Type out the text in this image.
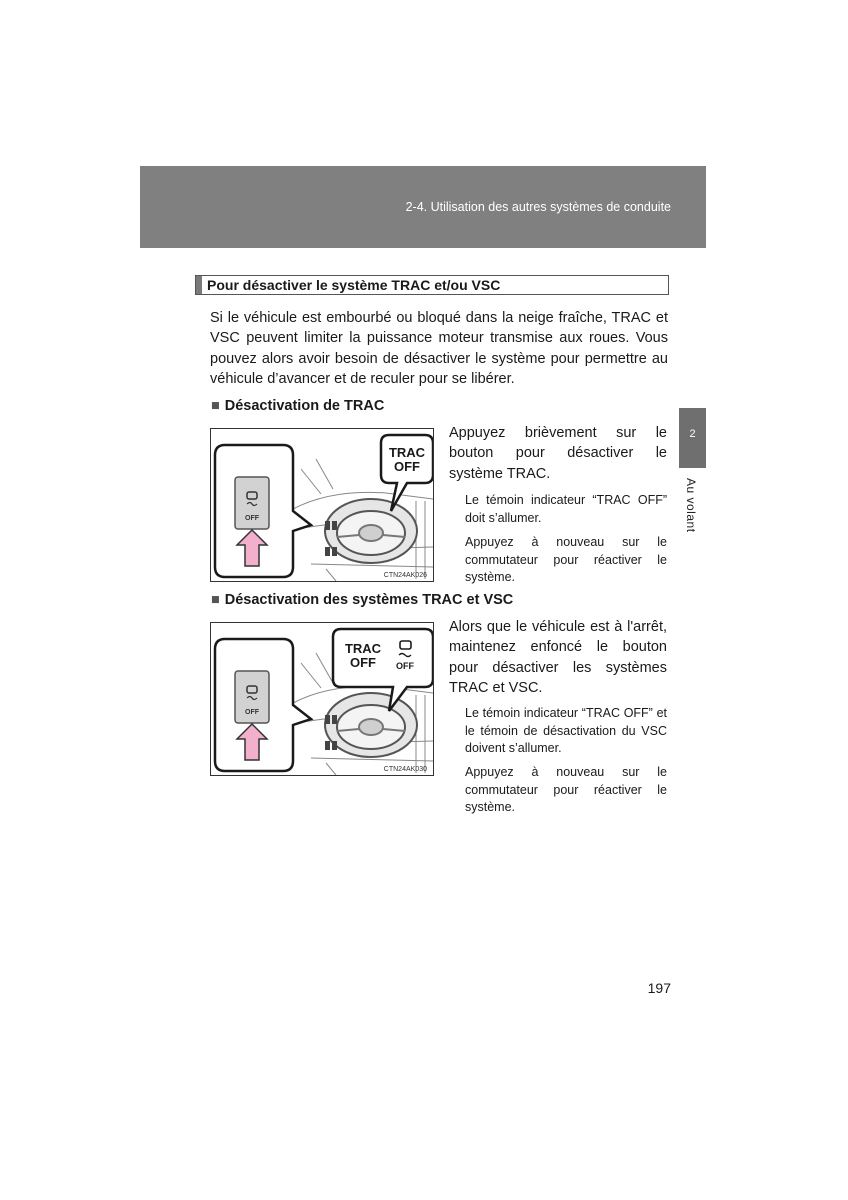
2-4. Utilisation des autres systèmes de conduite
Pour désactiver le système TRAC et/ou VSC

Si le véhicule est embourbé ou bloqué dans la neige fraîche, TRAC et VSC peuvent limiter la puissance moteur transmise aux roues. Vous pouvez alors avoir besoin de désactiver le système pour permettre au véhicule d’avancer et de reculer pour se libérer.

■ Désactivation de TRAC
TRAC
OFF
OFF
CTN24AK026

Appuyez brièvement sur le bouton pour désactiver le système TRAC.

Le témoin indicateur “TRAC OFF” doit s’allumer.

Appuyez à nouveau sur le commutateur pour réactiver le système.

■ Désactivation des systèmes TRAC et VSC
TRAC
OFF OFF
OFF
CTN24AK030

Alors que le véhicule est à l'arrêt, maintenez enfoncé le bouton pour désactiver les systèmes TRAC et VSC.

Le témoin indicateur “TRAC OFF” et le témoin de désactivation du VSC doivent s’allumer.

Appuyez à nouveau sur le commutateur pour réactiver le système.

2
Au volant
197
